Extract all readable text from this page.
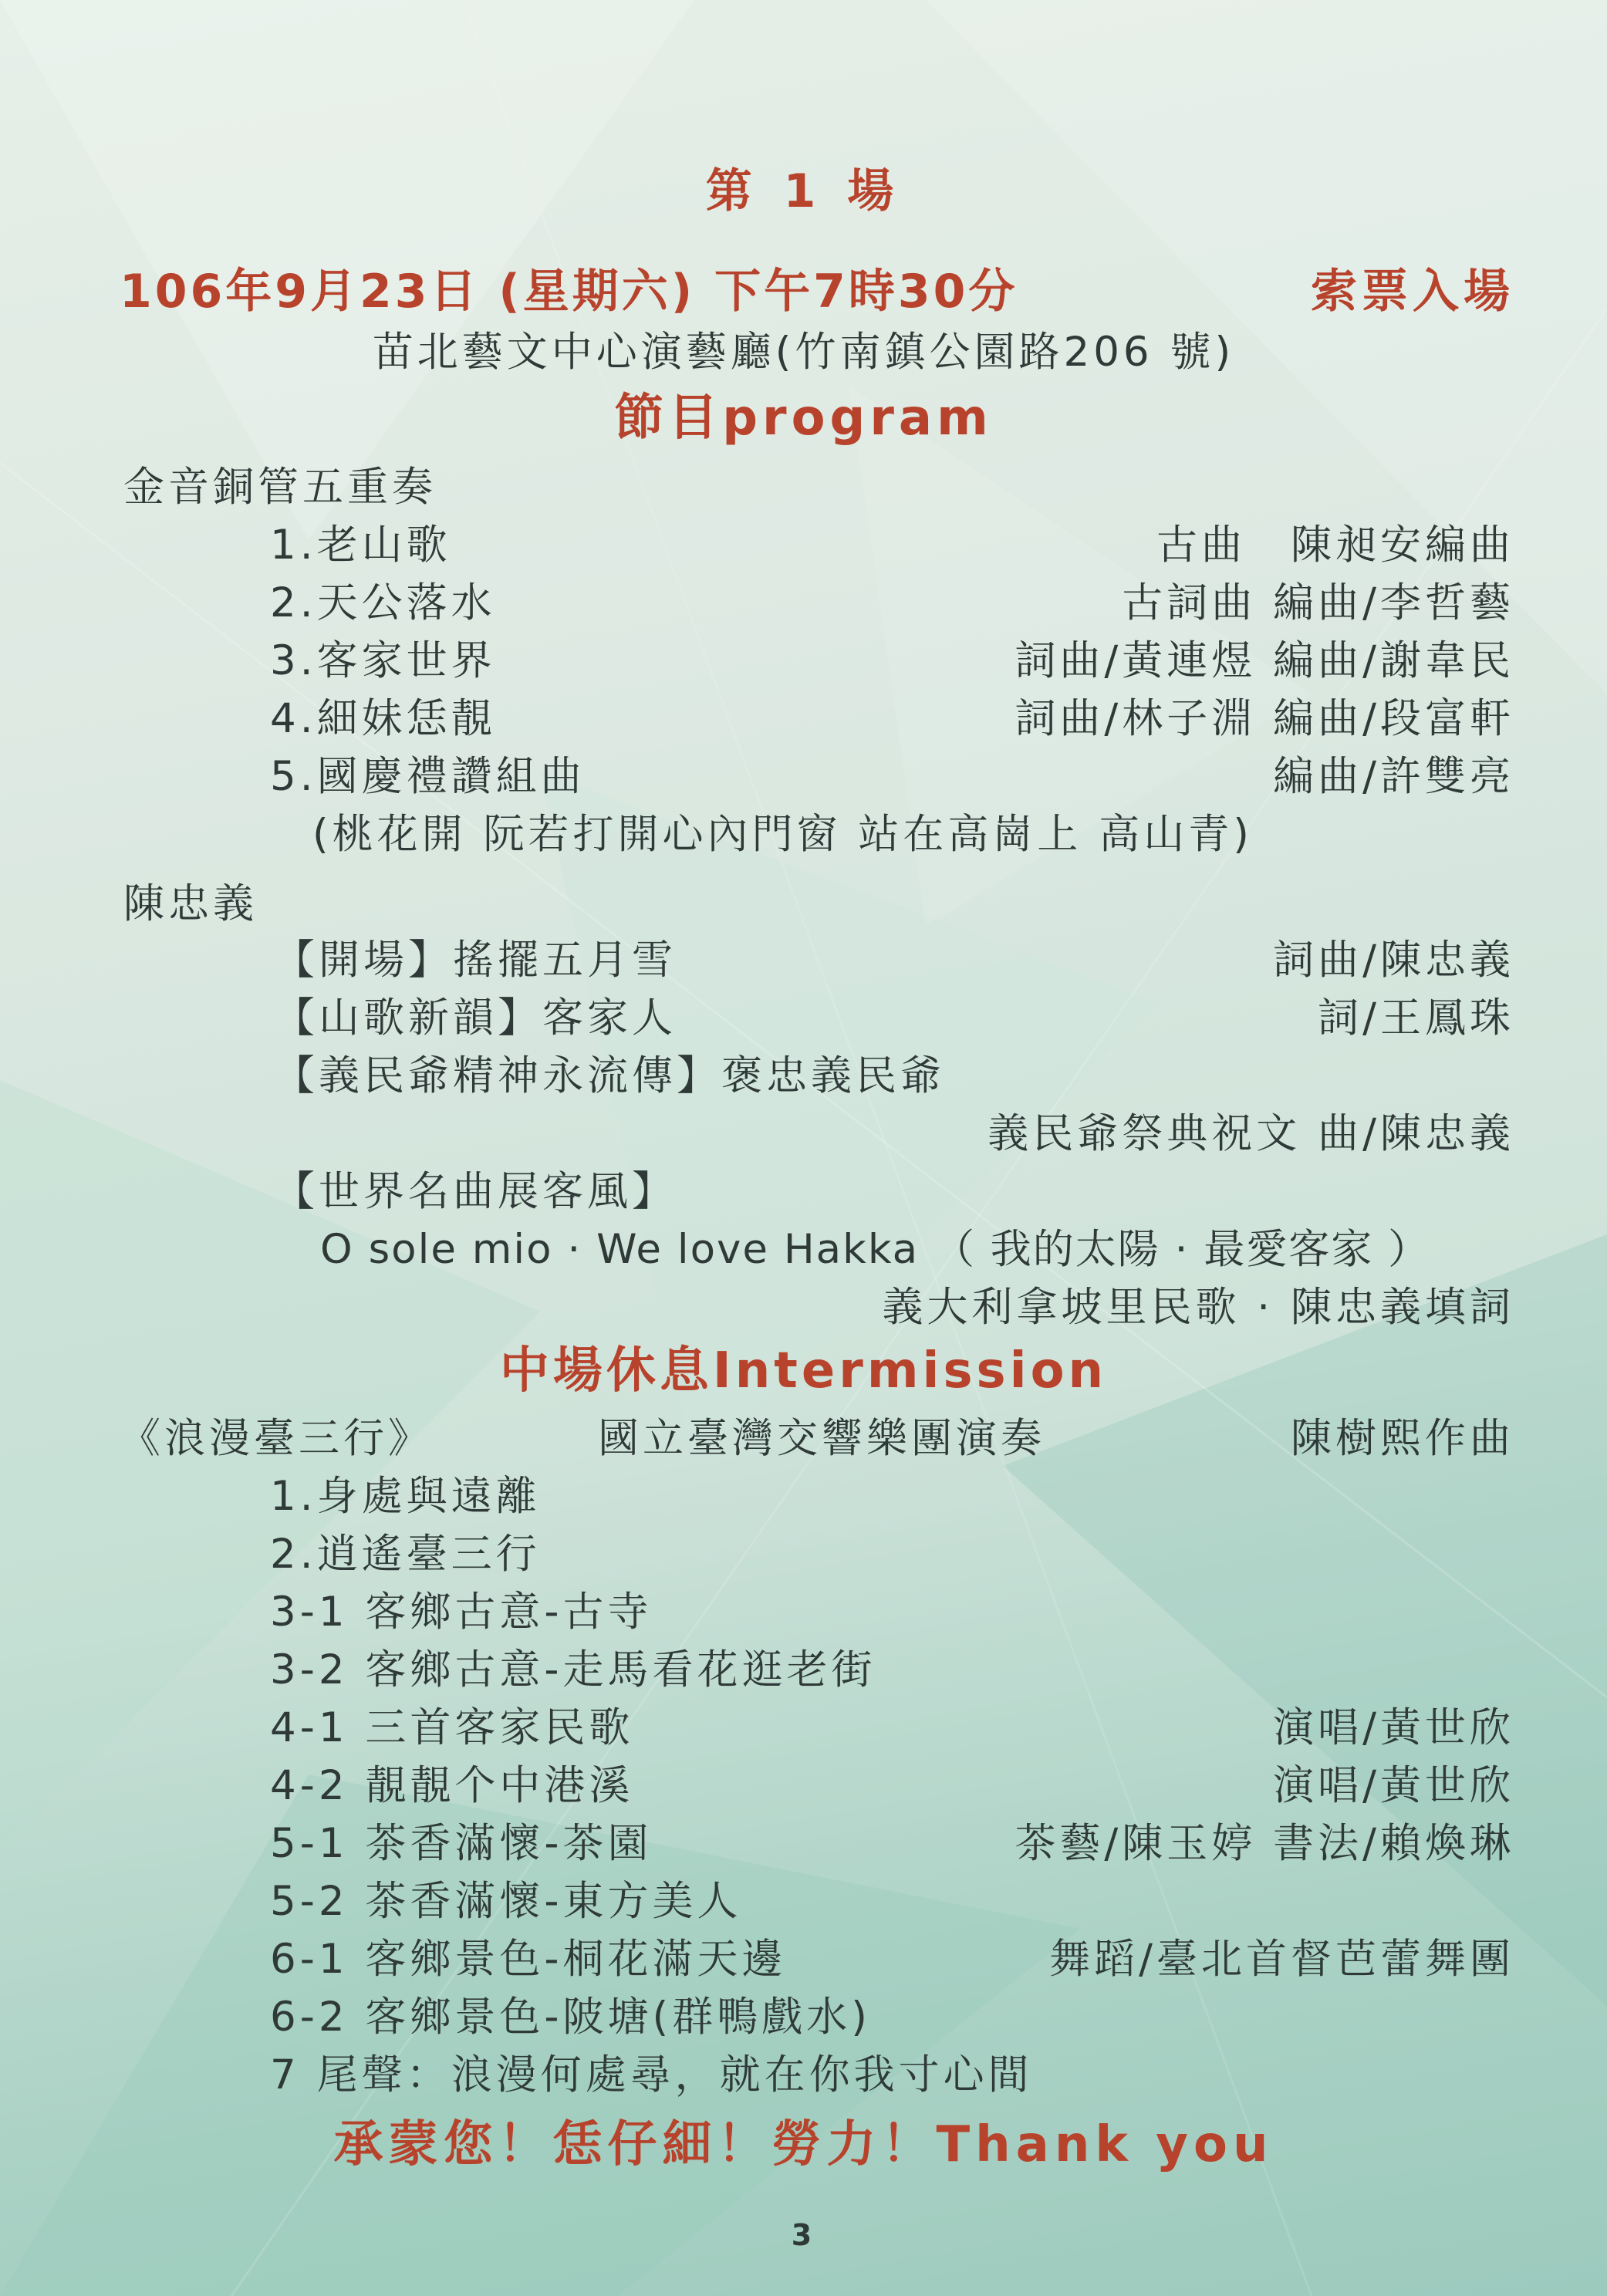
第 1 場
106年9月23日 (星期六) 下午7時30分	索票入場
苗北藝文中心演藝廳(竹南鎮公園路206 號)
節目program
金音銅管五重奏
1.老山歌	古曲　陳昶安編曲
2.天公落水	古詞曲 編曲/李哲藝
3.客家世界	詞曲/黃連煜 編曲/謝韋民
4.細妹恁靚	詞曲/林子淵 編曲/段富軒
5.國慶禮讚組曲	編曲/許雙亮
(桃花開 阮若打開心內門窗 站在高崗上 高山青)
陳忠義
【開場】搖擺五月雪	詞曲/陳忠義
【山歌新韻】客家人	詞/王鳳珠
【義民爺精神永流傳】褒忠義民爺
義民爺祭典祝文 曲/陳忠義
【世界名曲展客風】
O sole mio · We love Hakka （ 我的太陽 · 最愛客家 ）
義大利拿坡里民歌 · 陳忠義填詞
中場休息Intermission
《浪漫臺三行》	國立臺灣交響樂團演奏	陳樹熙作曲
1.身處與遠離
2.逍遙臺三行
3-1 客鄉古意-古寺
3-2 客鄉古意-走馬看花逛老街
4-1 三首客家民歌	演唱/黃世欣
4-2 靚靚个中港溪	演唱/黃世欣
5-1 茶香滿懷-茶園	茶藝/陳玉婷 書法/賴煥琳
5-2 茶香滿懷-東方美人
6-1 客鄉景色-桐花滿天邊	舞蹈/臺北首督芭蕾舞團
6-2 客鄉景色-陂塘(群鴨戲水)
7 尾聲：浪漫何處尋，就在你我寸心間
承蒙您！恁仔細！勞力！Thank you
3
